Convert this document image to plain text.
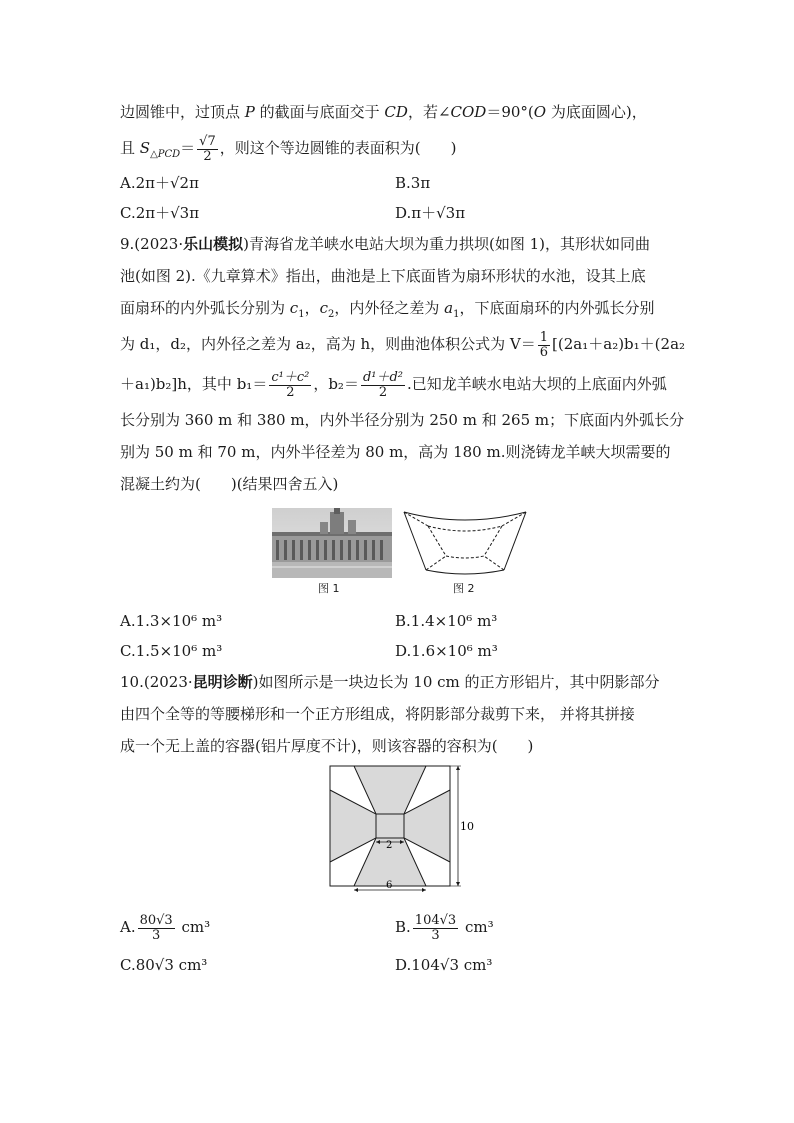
边圆锥中，过顶点 P 的截面与底面交于 CD，若∠COD＝90°(O 为底面圆心)，
且 $S_{\triangle PCD}= \frac{√7}{2}$ ，则这个等边圆锥的表面积为(　　)
A.2π＋√2π	B.3π
C.2π＋√3π	D.π＋√3π
9.(2023·乐山模拟)青海省龙羊峡水电站大坝为重力拱坝(如图 1)，其形状如同曲
池(如图 2).《九章算术》指出，曲池是上下底面皆为扇环形状的水池，设其上底
面扇环的内外弧长分别为 $c_1$，$c_2$，内外径之差为 $a_1$，下底面扇环的内外弧长分别
为 d₁，d₂，内外径之差为 a₂，高为 h，则曲池体积公式为 $V= \frac{1}{6} [(2a_1+a_2)b_1+(2a_2$
＋a₁)b₂]h，其中 $b_1= \frac{\text{c¹＋c²}}{2}$ ，$b_2= \frac{\text{d¹＋d²}}{2}$ .已知龙羊峡水电站大坝的上底面内外弧
长分别为 360 m 和 380 m，内外半径分别为 250 m 和 265 m；下底面内外弧长分
别为 50 m 和 70 m，内外半径差为 80 m，高为 180 m.则浇铸龙羊峡大坝需要的
混凝土约为(　　)(结果四舍五入)
图 1	图 2
A.1.3×10⁶ m³	B.1.4×10⁶ m³
C.1.5×10⁶ m³	D.1.6×10⁶ m³
10.(2023·昆明诊断)如图所示是一块边长为 10 cm 的正方形铝片，其中阴影部分
由四个全等的等腰梯形和一个正方形组成，将阴影部分裁剪下来， 并将其拼接
成一个无上盖的容器(铝片厚度不计)，则该容器的容积为(　　)
10
2
6
A. $\frac{80√3}{3} cm^3$	B. $\frac{104√3}{3} cm^3$
C.80√3 cm³	D.104√3 cm³
